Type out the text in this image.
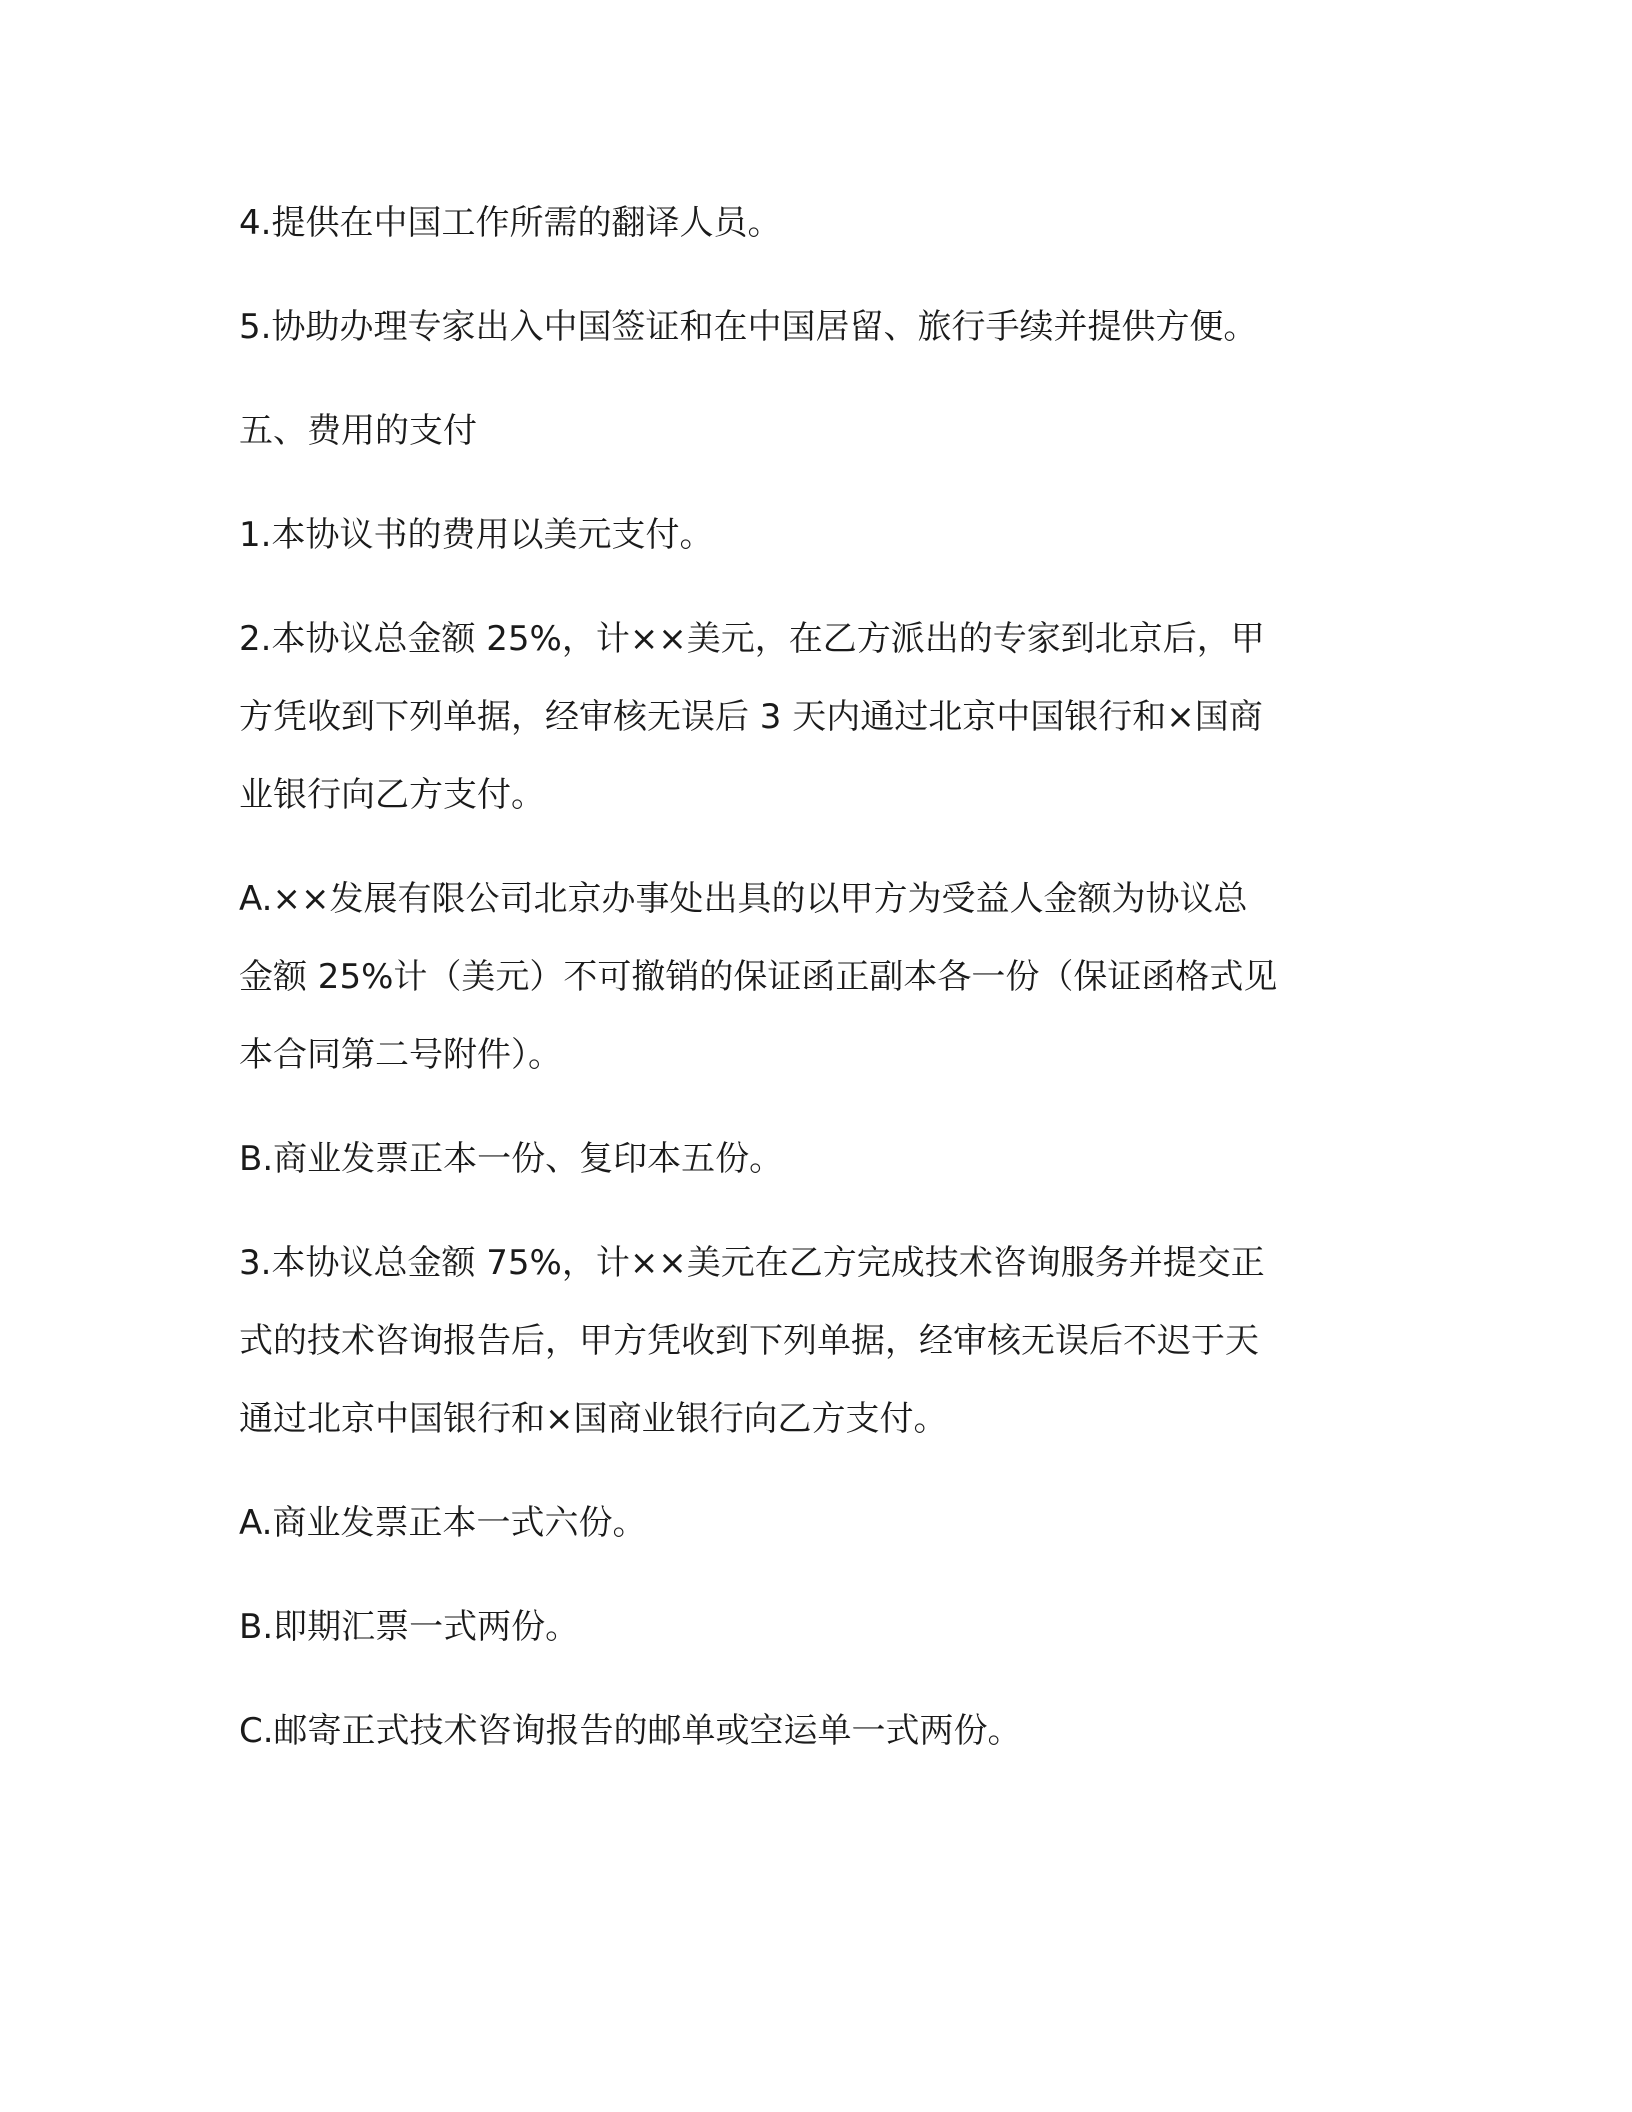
4.提供在中国工作所需的翻译人员。

5.协助办理专家出入中国签证和在中国居留、旅行手续并提供方便。

五、费用的支付

1.本协议书的费用以美元支付。

2.本协议总金额 25%，计××美元，在乙方派出的专家到北京后，甲
方凭收到下列单据，经审核无误后 3 天内通过北京中国银行和×国商
业银行向乙方支付。

A.××发展有限公司北京办事处出具的以甲方为受益人金额为协议总
金额 25%计（美元）不可撤销的保证函正副本各一份（保证函格式见
本合同第二号附件）。

B.商业发票正本一份、复印本五份。

3.本协议总金额 75%，计××美元在乙方完成技术咨询服务并提交正
式的技术咨询报告后，甲方凭收到下列单据，经审核无误后不迟于天
通过北京中国银行和×国商业银行向乙方支付。

A.商业发票正本一式六份。

B.即期汇票一式两份。

C.邮寄正式技术咨询报告的邮单或空运单一式两份。
